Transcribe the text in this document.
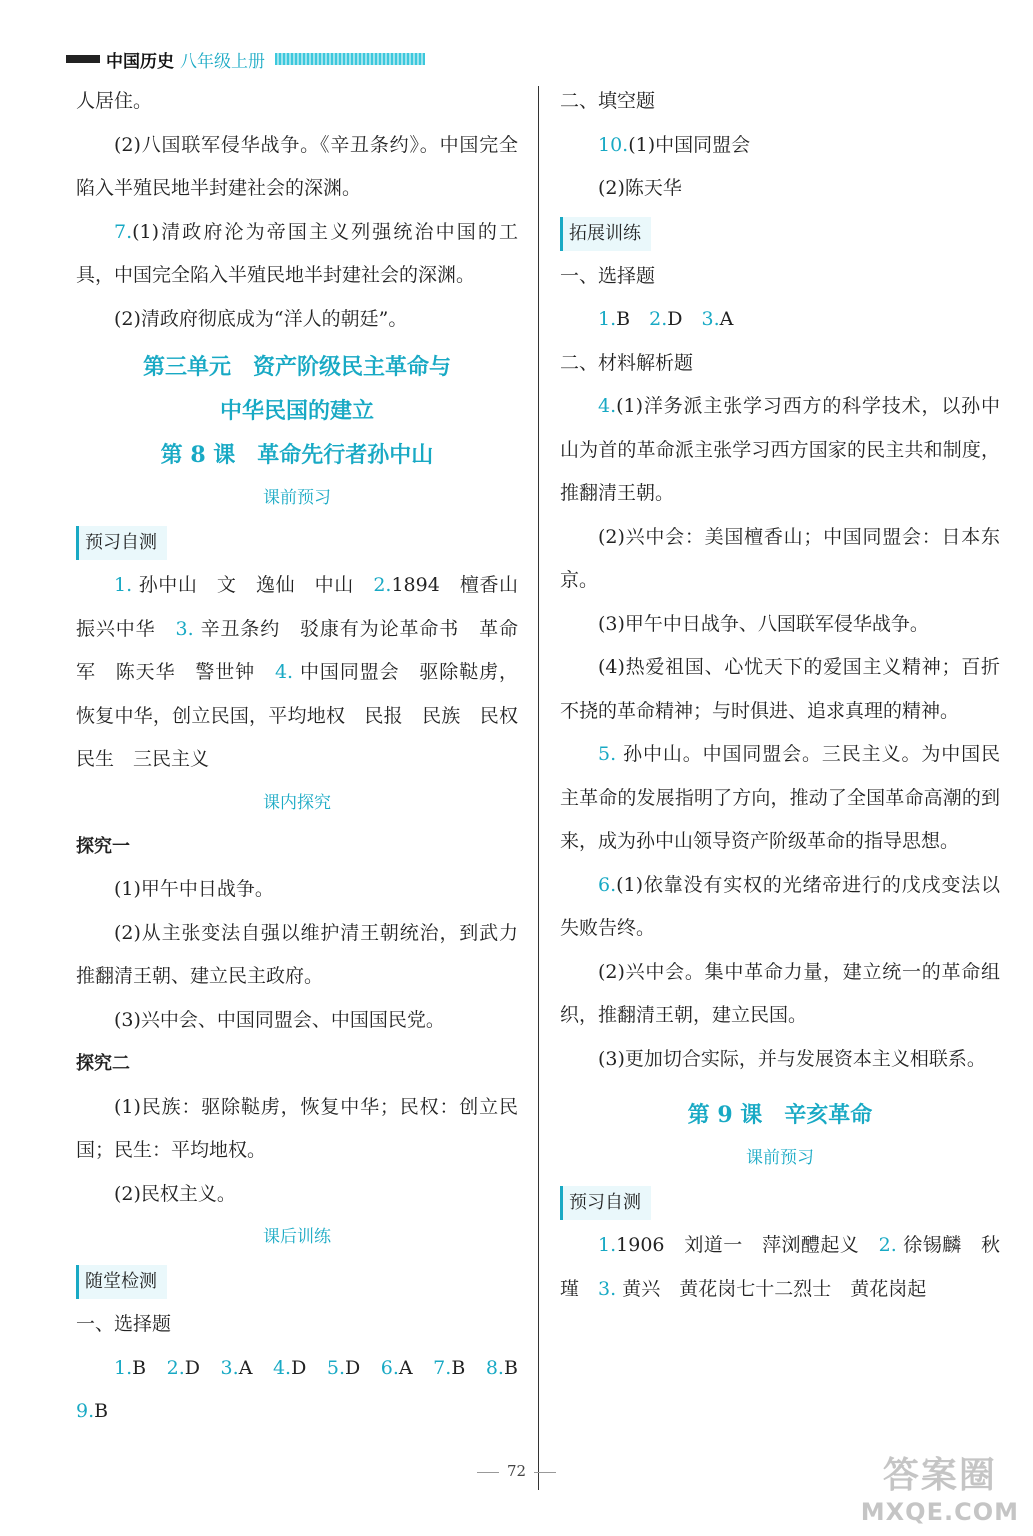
中国历史 八年级上册

人居住。

(2)八国联军侵华战争。《辛丑条约》。中国完全陷入半殖民地半封建社会的深渊。

7.(1)清政府沦为帝国主义列强统治中国的工具，中国完全陷入半殖民地半封建社会的深渊。

(2)清政府彻底成为“洋人的朝廷”。

第三单元　资产阶级民主革命与

中华民国的建立

第 8 课　革命先行者孙中山

课前预习

预习自测

1. 孙中山　文　逸仙　中山　2.1894　檀香山　振兴中华　3. 辛丑条约　驳康有为论革命书　革命军　陈天华　警世钟　4. 中国同盟会　驱除鞑虏，恢复中华，创立民国，平均地权　民报　民族　民权　民生　三民主义

课内探究

探究一

(1)甲午中日战争。

(2)从主张变法自强以维护清王朝统治，到武力推翻清王朝、建立民主政府。

(3)兴中会、中国同盟会、中国国民党。

探究二

(1)民族：驱除鞑虏，恢复中华；民权：创立民国；民生：平均地权。

(2)民权主义。

课后训练

随堂检测

一、选择题

1.B　 2.D　 3.A　 4.D　 5.D　 6.A　 7.B　 8.B　9.B

二、填空题

10.(1)中国同盟会

(2)陈天华

拓展训练

一、选择题

1.B　 2.D　 3.A

二、材料解析题

4.(1)洋务派主张学习西方的科学技术，以孙中山为首的革命派主张学习西方国家的民主共和制度，推翻清王朝。

(2)兴中会：美国檀香山；中国同盟会：日本东京。

(3)甲午中日战争、八国联军侵华战争。

(4)热爱祖国、心忧天下的爱国主义精神；百折不挠的革命精神；与时俱进、追求真理的精神。

5. 孙中山。中国同盟会。三民主义。为中国民主革命的发展指明了方向，推动了全国革命高潮的到来，成为孙中山领导资产阶级革命的指导思想。

6.(1)依靠没有实权的光绪帝进行的戊戌变法以失败告终。

(2)兴中会。集中革命力量，建立统一的革命组织，推翻清王朝，建立民国。

(3)更加切合实际，并与发展资本主义相联系。

第 9 课　辛亥革命

课前预习

预习自测

1.1906　刘道一　萍浏醴起义　2. 徐锡麟　秋瑾　3. 黄兴　黄花岗七十二烈士　黄花岗起

72	答案圈
MXQE.COM
